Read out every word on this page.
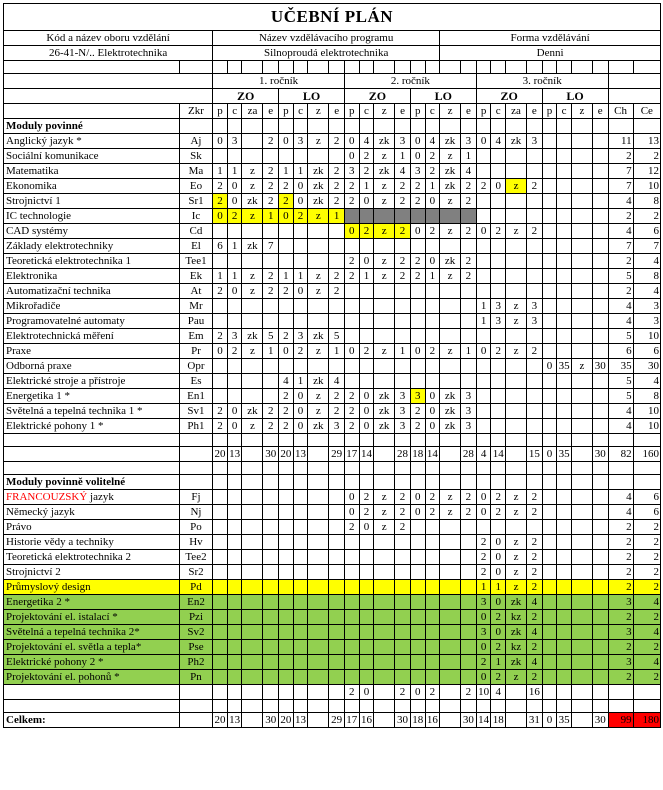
UČEBNÍ PLÁN																											
Kód a název oboru vzdělání		Název vzdělávacího programu														Forma vzdělávání											
26-41-N/.. Elektrotechnika		Silnoproudá elektrotechnika														Denni											

		1. ročník								2. ročník								3. ročník									
		ZO				LO				ZO				LO				ZO				LO					
	Zkr	p	c	za	e	p	c	z	e	p	c	z	e	p	c	z	e	p	c	za	e	p	c	z	e	Ch	Ce
Moduly povinné																											
Anglický jazyk *	Aj	0	3		2	0	3	z	2	0	4	zk	3	0	4	zk	3	0	4	zk	3					11	13
Sociální komunikace	Sk									0	2	z	1	0	2	z	1									2	2
Matematika	Ma	1	1	z	2	1	1	zk	2	3	2	zk	4	3	2	zk	4									7	12
Ekonomika	Eo	2	0	z	2	2	0	zk	2	2	1	z	2	2	1	zk	2	2	0	z	2					7	10
Strojnictví 1	Sr1	2	0	zk	2	2	0	zk	2	2	0	z	2	2	0	z	2									4	8
IC technologie	Ic	0	2	z	1	0	2	z	1																	2	2
CAD systémy	Cd									0	2	z	2	0	2	z	2	0	2	z	2					4	6
Základy elektrotechniky	El	6	1	zk	7																					7	7
Teoretická elektrotechnika 1	Tee1									2	0	z	2	2	0	zk	2									2	4
Elektronika	Ek	1	1	z	2	1	1	z	2	2	1	z	2	2	1	z	2									5	8
Automatizační technika	At	2	0	z	2	2	0	z	2																	2	4
Mikrořadiče	Mr																	1	3	z	3					4	3
Programovatelné automaty	Pau																	1	3	z	3					4	3
Elektrotechnická měření	Em	2	3	zk	5	2	3	zk	5																	5	10
Praxe	Pr	0	2	z	1	0	2	z	1	0	2	z	1	0	2	z	1	0	2	z	2					6	6
Odborná praxe	Opr																					0	35	z	30	35	30
Elektrické stroje a přístroje	Es					4	1	zk	4																	5	4
Energetika 1 *	En1					2	0	z	2	2	0	zk	3	3	0	zk	3									5	8
Světelná a tepelná technika 1 *	Sv1	2	0	zk	2	2	0	z	2	2	0	zk	3	2	0	zk	3									4	10
Elektrické pohony 1 *	Ph1	2	0	z	2	2	0	zk	3	2	0	zk	3	2	0	zk	3									4	10

		20	13		30	20	13		29	17	14		28	18	14		28	4	14		15	0	35		30	82	160

Moduly povinně volitelné																											
FRANCOUZSKÝ jazyk	Fj									0	2	z	2	0	2	z	2	0	2	z	2					4	6
Německý jazyk	Nj									0	2	z	2	0	2	z	2	0	2	z	2					4	6
Právo	Po									2	0	z	2													2	2
Historie vědy a techniky	Hv																	2	0	z	2					2	2
Teoretická elektrotechnika 2	Tee2																	2	0	z	2					2	2
Strojnictví 2	Sr2																	2	0	z	2					2	2
Průmyslový design	Pd																	1	1	z	2					2	2
Energetika 2 *	En2																	3	0	zk	4					3	4
Projektování el. istalací *	Pzi																	0	2	kz	2					2	2
Světelná a tepelná technika 2*	Sv2																	3	0	zk	4					3	4
Projektování el. světla a tepla*	Pse																	0	2	kz	2					2	2
Elektrické pohony 2 *	Ph2																	2	1	zk	4					3	4
Projektování el. pohonů *	Pn																	0	2	z	2					2	2
										2	0		2	0	2		2	10	4		16						

Celkem:		20	13		30	20	13		29	17	16		30	18	16		30	14	18		31	0	35		30	99	180
